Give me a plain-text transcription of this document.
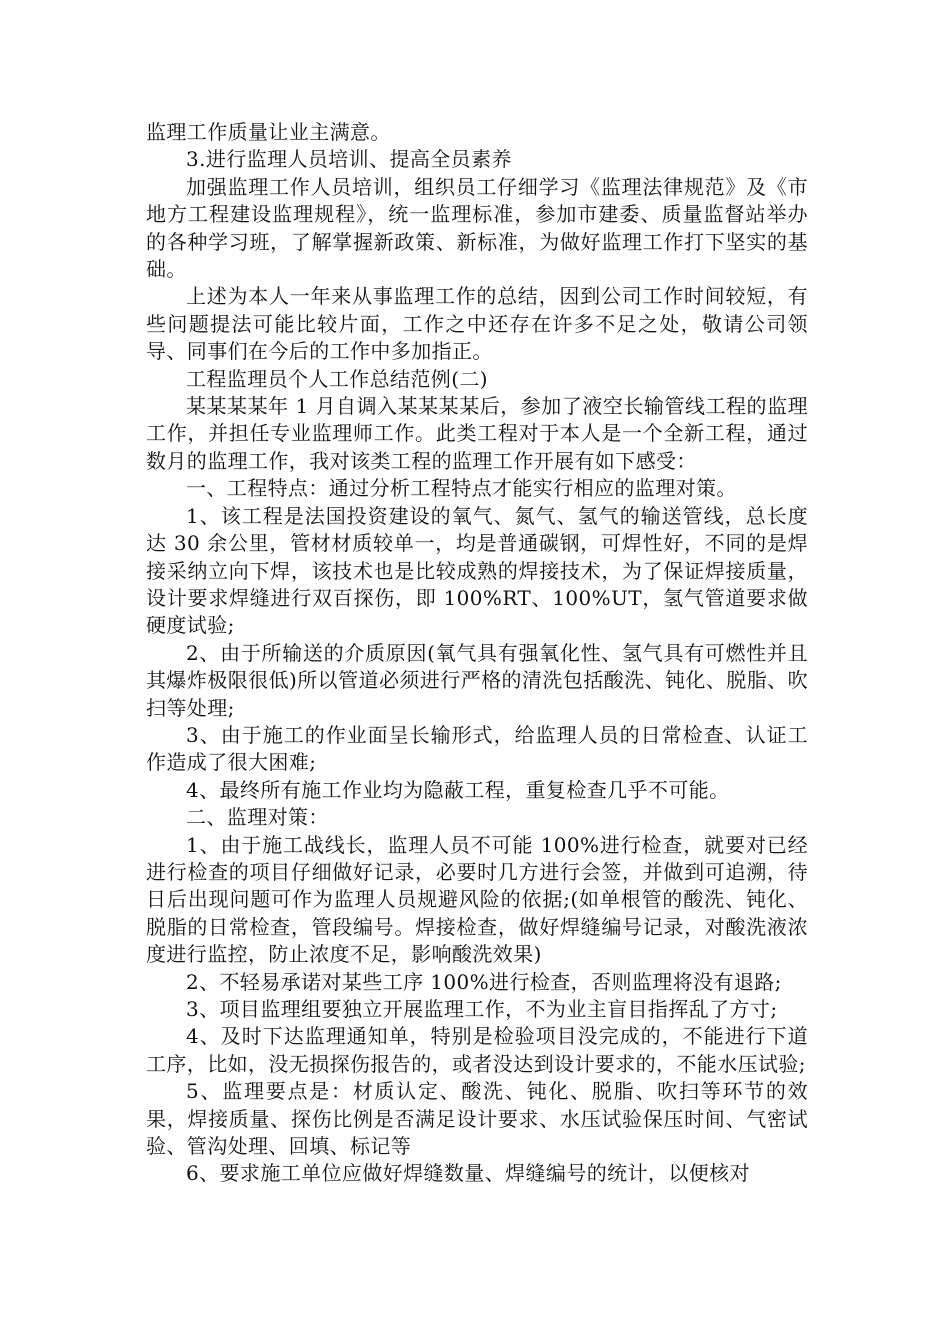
监理工作质量让业主满意。

3.进行监理人员培训、提高全员素养

加强监理工作人员培训，组织员工仔细学习《监理法律规范》及《市地方工程建设监理规程》，统一监理标准，参加市建委、质量监督站举办的各种学习班，了解掌握新政策、新标准，为做好监理工作打下坚实的基础。

上述为本人一年来从事监理工作的总结，因到公司工作时间较短，有些问题提法可能比较片面，工作之中还存在许多不足之处，敬请公司领导、同事们在今后的工作中多加指正。

工程监理员个人工作总结范例(二)

某某某某年 1 月自调入某某某某后，参加了液空长输管线工程的监理工作，并担任专业监理师工作。此类工程对于本人是一个全新工程，通过数月的监理工作，我对该类工程的监理工作开展有如下感受：

一、工程特点：通过分析工程特点才能实行相应的监理对策。

1、该工程是法国投资建设的氧气、氮气、氢气的输送管线，总长度达 30 余公里，管材材质较单一，均是普通碳钢，可焊性好，不同的是焊接采纳立向下焊，该技术也是比较成熟的焊接技术，为了保证焊接质量，设计要求焊缝进行双百探伤，即 100%RT、100%UT，氢气管道要求做硬度试验;

2、由于所输送的介质原因(氧气具有强氧化性、氢气具有可燃性并且其爆炸极限很低)所以管道必须进行严格的清洗包括酸洗、钝化、脱脂、吹扫等处理;

3、由于施工的作业面呈长输形式，给监理人员的日常检查、认证工作造成了很大困难;

4、最终所有施工作业均为隐蔽工程，重复检查几乎不可能。

二、监理对策：

1、由于施工战线长，监理人员不可能 100%进行检查，就要对已经进行检查的项目仔细做好记录，必要时几方进行会签，并做到可追溯，待日后出现问题可作为监理人员规避风险的依据;(如单根管的酸洗、钝化、脱脂的日常检查，管段编号。焊接检查，做好焊缝编号记录，对酸洗液浓度进行监控，防止浓度不足，影响酸洗效果)

2、不轻易承诺对某些工序 100%进行检查，否则监理将没有退路;

3、项目监理组要独立开展监理工作，不为业主盲目指挥乱了方寸;

4、及时下达监理通知单，特别是检验项目没完成的，不能进行下道工序，比如，没无损探伤报告的，或者没达到设计要求的，不能水压试验;

5、监理要点是：材质认定、酸洗、钝化、脱脂、吹扫等环节的效果，焊接质量、探伤比例是否满足设计要求、水压试验保压时间、气密试验、管沟处理、回填、标记等

6、要求施工单位应做好焊缝数量、焊缝编号的统计，以便核对
